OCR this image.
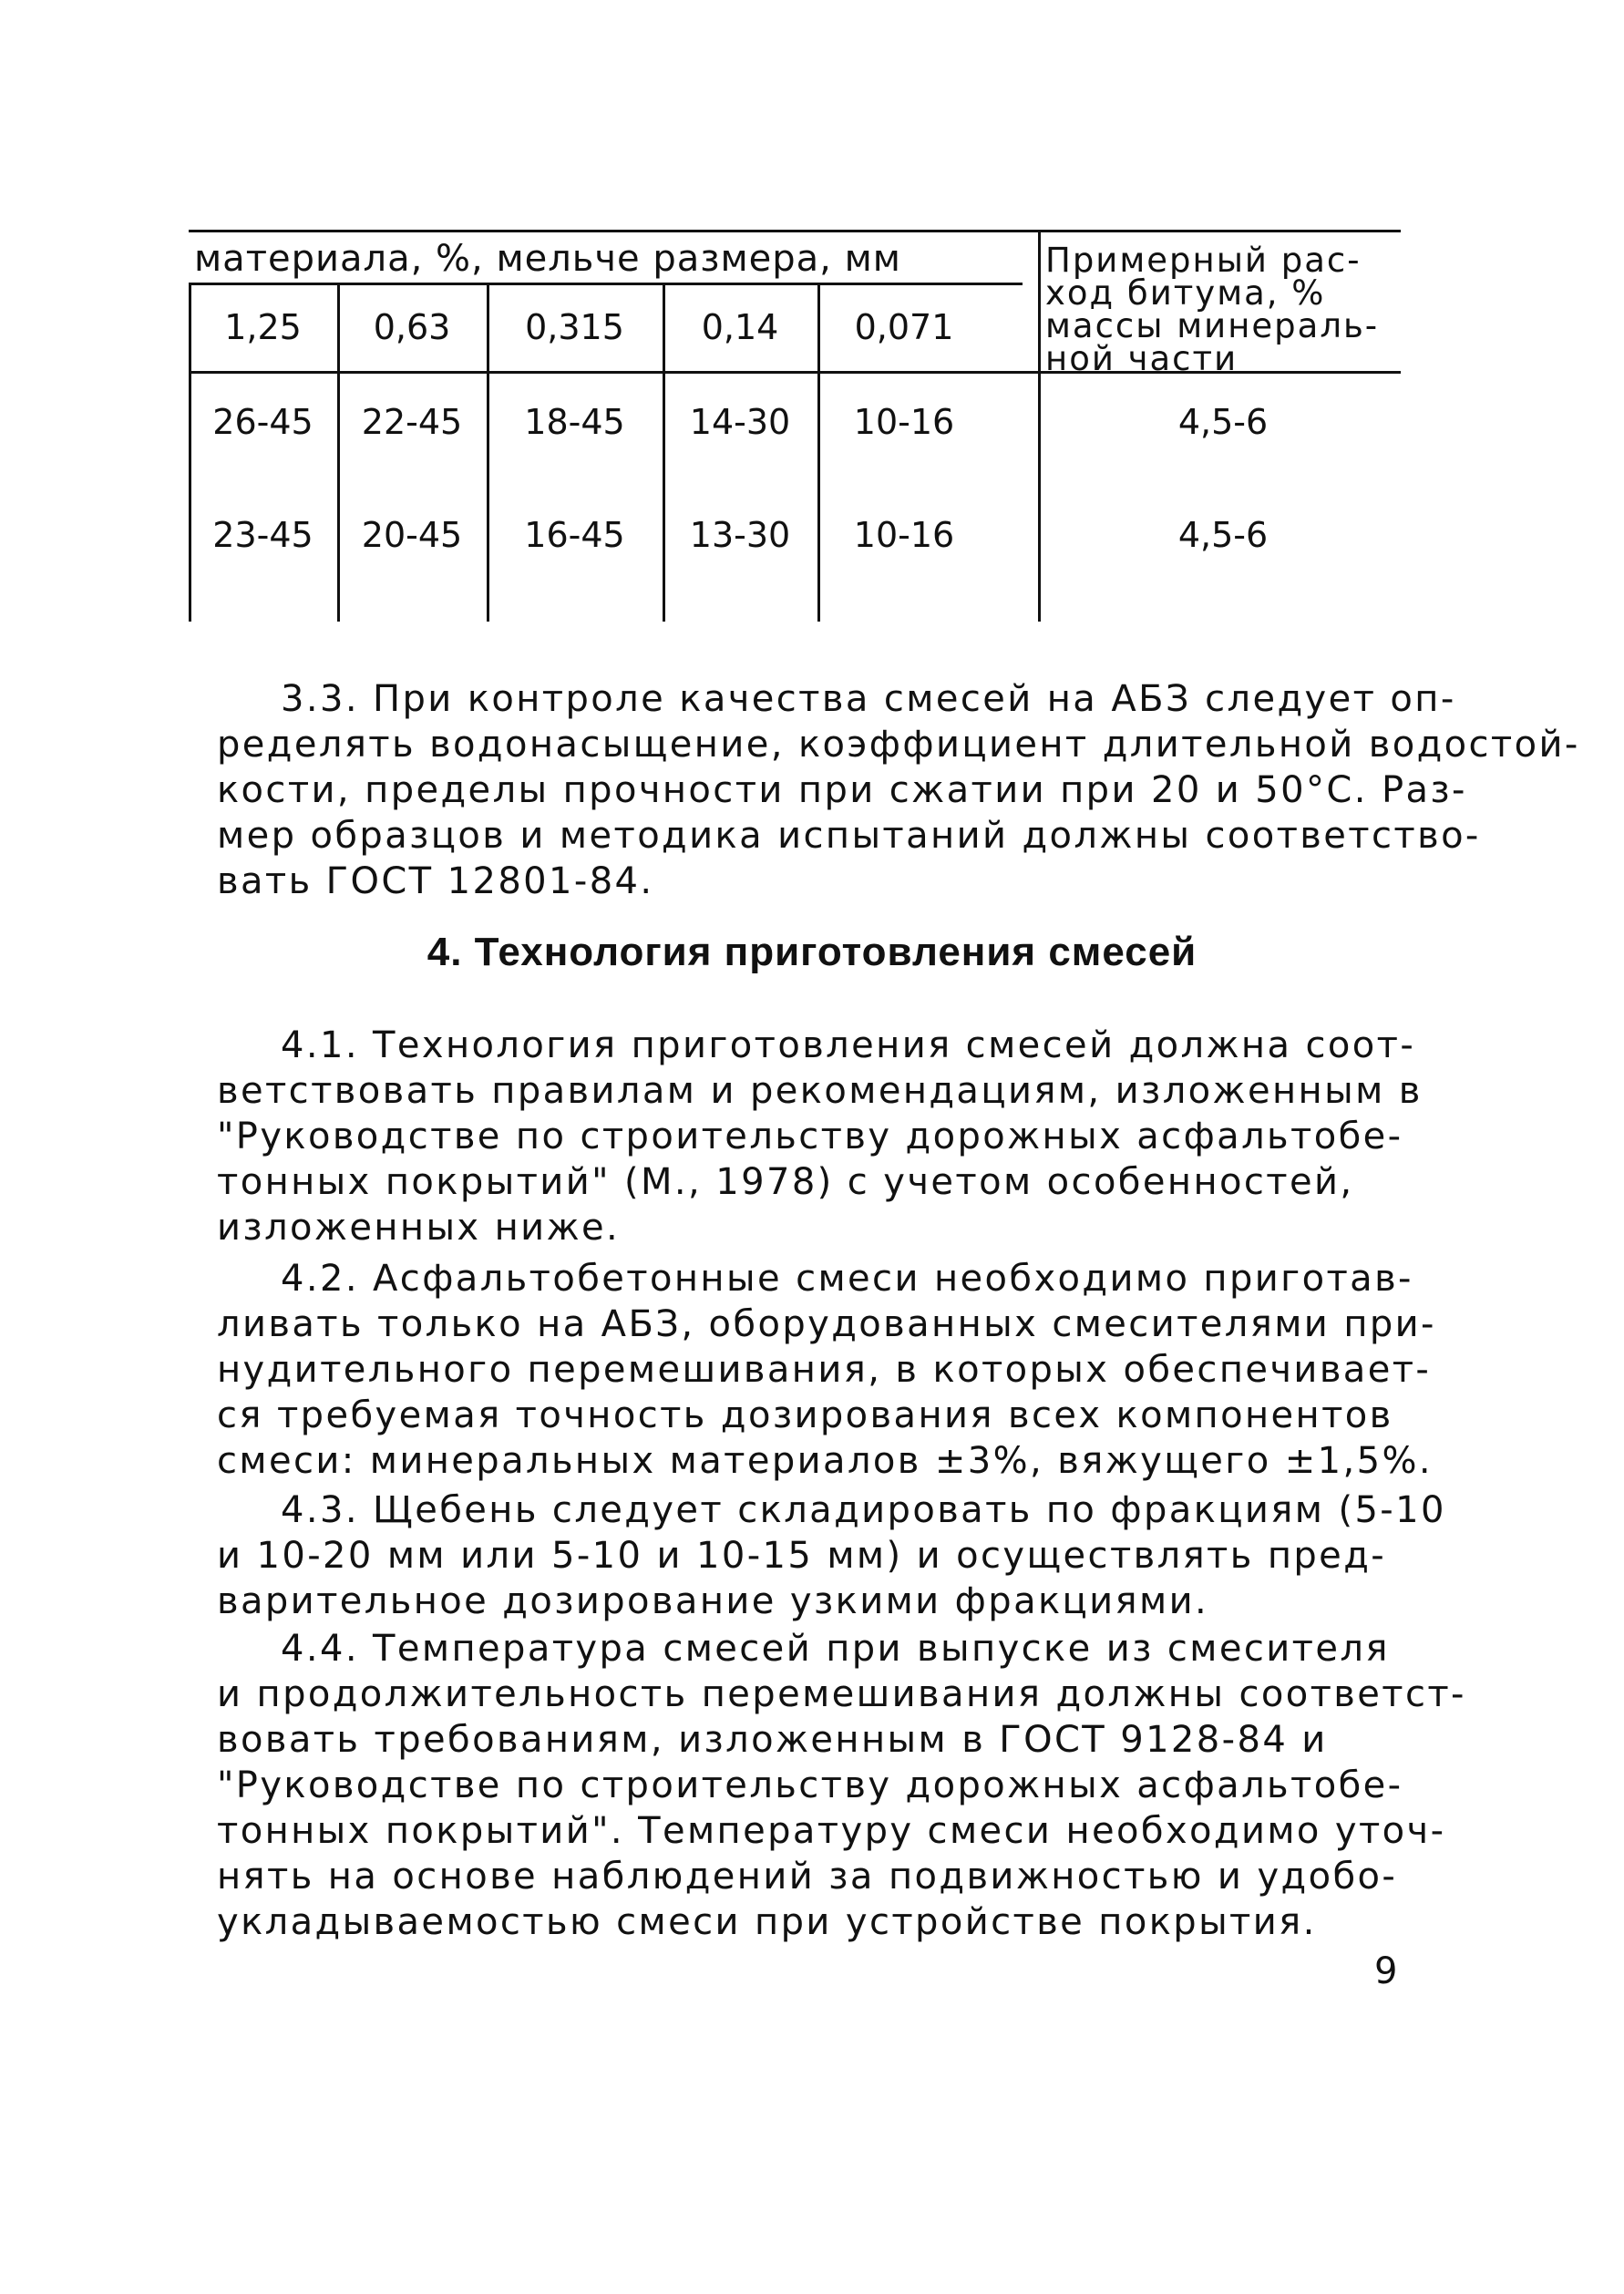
материала, %, мельче размера, мм	Примерный рас-
ход битума, %
массы минераль-
ной части
1,25	0,63	0,315	0,14	0,071
26-45	22-45	18-45	14-30	10-16	4,5-6
23-45	20-45	16-45	13-30	10-16	4,5-6
3.3. При контроле качества смесей на АБЗ следует оп-
ределять водонасыщение, коэффициент длительной водостой-
кости, пределы прочности при сжатии при 20 и 50°С. Раз-
мер образцов и методика испытаний должны соответство-
вать ГОСТ 12801-84.
4. Технология приготовления смесей
4.1. Технология приготовления смесей должна соот-
ветствовать правилам и рекомендациям, изложенным в
"Руководстве по строительству дорожных асфальтобе-
тонных покрытий" (М., 1978) с учетом особенностей,
изложенных ниже.
4.2. Асфальтобетонные смеси необходимо приготав-
ливать только на АБЗ, оборудованных смесителями при-
нудительного перемешивания, в которых обеспечивает-
ся требуемая точность дозирования всех компонентов
смеси: минеральных материалов ±3%, вяжущего ±1,5%.
4.3. Щебень следует складировать по фракциям (5-10
и 10-20 мм или 5-10 и 10-15 мм) и осуществлять пред-
варительное дозирование узкими фракциями.
4.4. Температура смесей при выпуске из смесителя
и продолжительность перемешивания должны соответст-
вовать требованиям, изложенным в ГОСТ 9128-84 и
"Руководстве по строительству дорожных асфальтобе-
тонных покрытий". Температуру смеси необходимо уточ-
нять на основе наблюдений за подвижностью и удобо-
укладываемостью смеси при устройстве покрытия.
9
